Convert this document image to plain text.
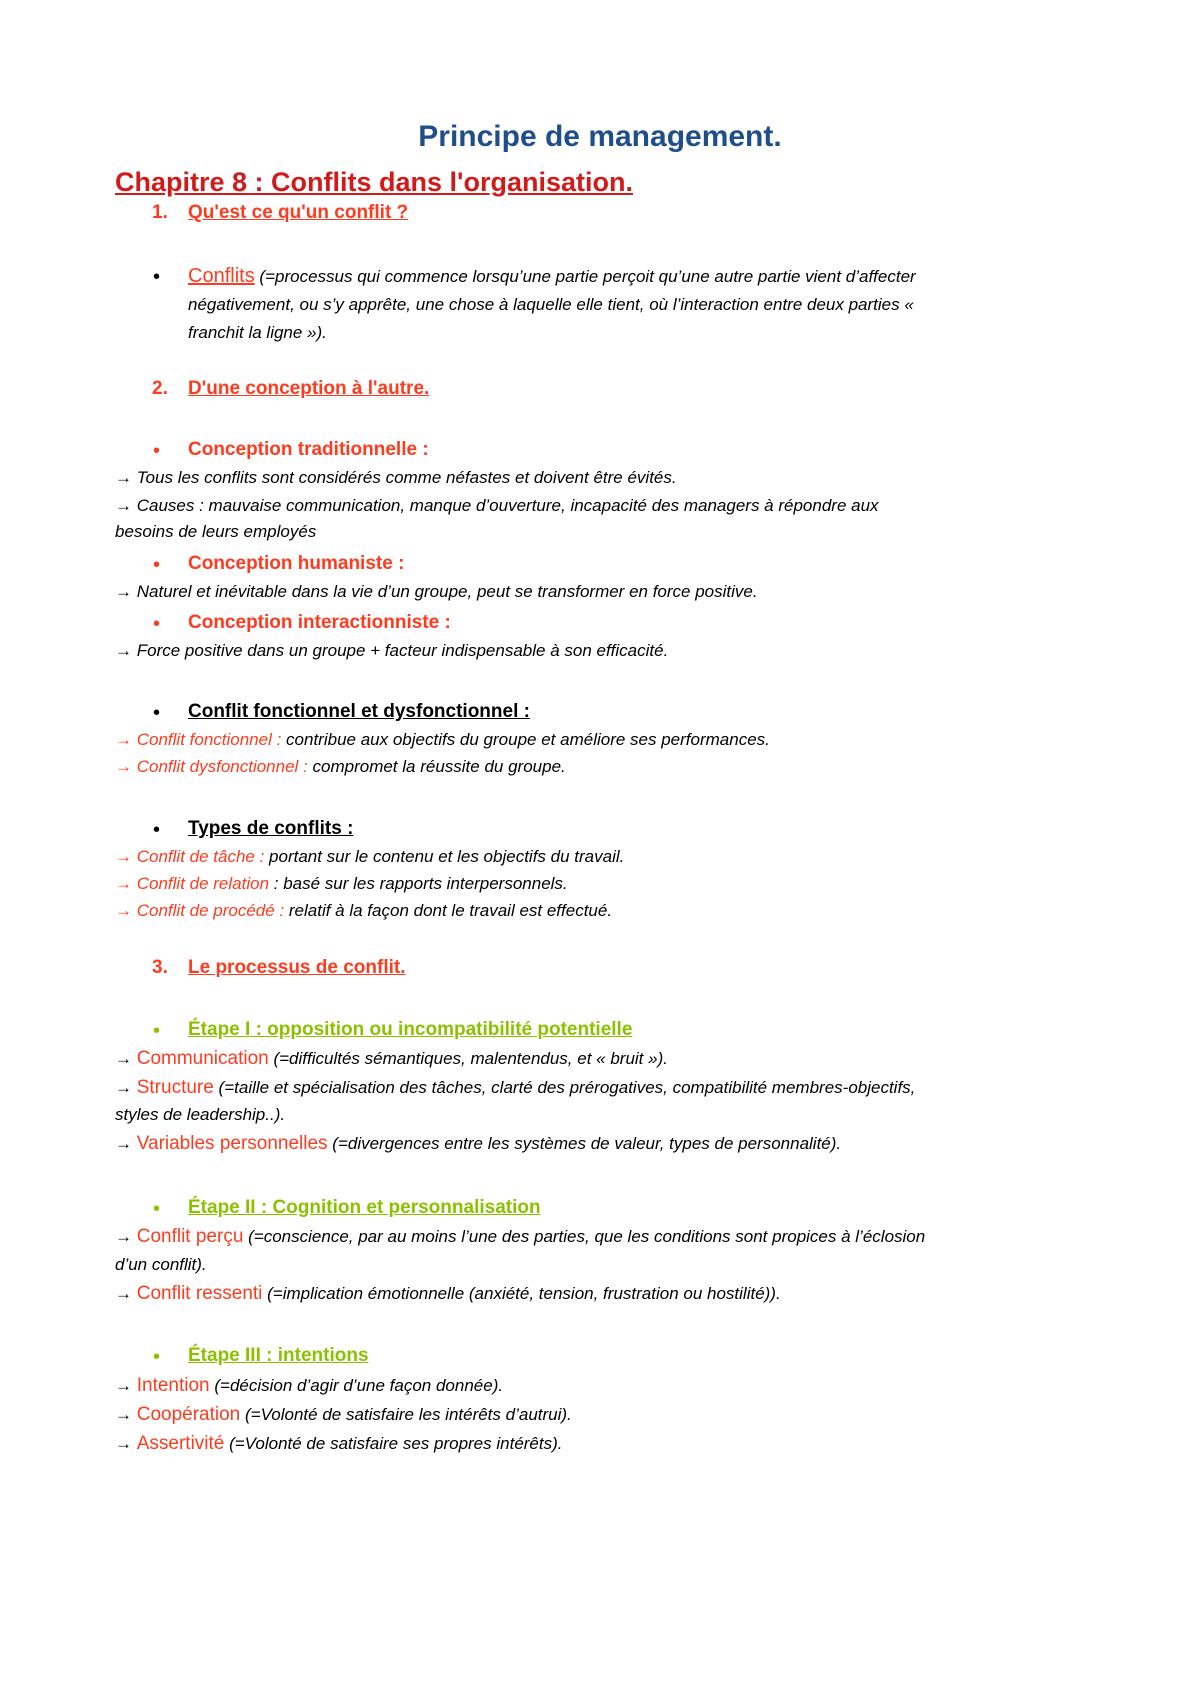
Principe de management.
Chapitre 8 : Conflits dans l'organisation.
1. Qu'est ce qu'un conflit ?
• Conflits (=processus qui commence lorsqu’une partie perçoit qu’une autre partie vient d’affecter
négativement, ou s’y apprête, une chose à laquelle elle tient, où l’interaction entre deux parties «
franchit la ligne »).
2. D'une conception à l'autre.
• Conception traditionnelle :
→ Tous les conflits sont considérés comme néfastes et doivent être évités.
→ Causes : mauvaise communication, manque d’ouverture, incapacité des managers à répondre aux
besoins de leurs employés
• Conception humaniste :
→ Naturel et inévitable dans la vie d’un groupe, peut se transformer en force positive.
• Conception interactionniste :
→ Force positive dans un groupe + facteur indispensable à son efficacité.
• Conflit fonctionnel et dysfonctionnel :
→ Conflit fonctionnel : contribue aux objectifs du groupe et améliore ses performances.
→ Conflit dysfonctionnel : compromet la réussite du groupe.
• Types de conflits :
→ Conflit de tâche : portant sur le contenu et les objectifs du travail.
→ Conflit de relation : basé sur les rapports interpersonnels.
→ Conflit de procédé : relatif à la façon dont le travail est effectué.
3. Le processus de conflit.
• Étape I : opposition ou incompatibilité potentielle
→ Communication (=difficultés sémantiques, malentendus, et « bruit »).
→ Structure (=taille et spécialisation des tâches, clarté des prérogatives, compatibilité membres-objectifs,
styles de leadership..).
→ Variables personnelles (=divergences entre les systèmes de valeur, types de personnalité).
• Étape II : Cognition et personnalisation
→ Conflit perçu (=conscience, par au moins l’une des parties, que les conditions sont propices à l’éclosion
d’un conflit).
→ Conflit ressenti (=implication émotionnelle (anxiété, tension, frustration ou hostilité)).
• Étape III : intentions
→ Intention (=décision d’agir d’une façon donnée).
→ Coopération (=Volonté de satisfaire les intérêts d’autrui).
→ Assertivité (=Volonté de satisfaire ses propres intérêts).
